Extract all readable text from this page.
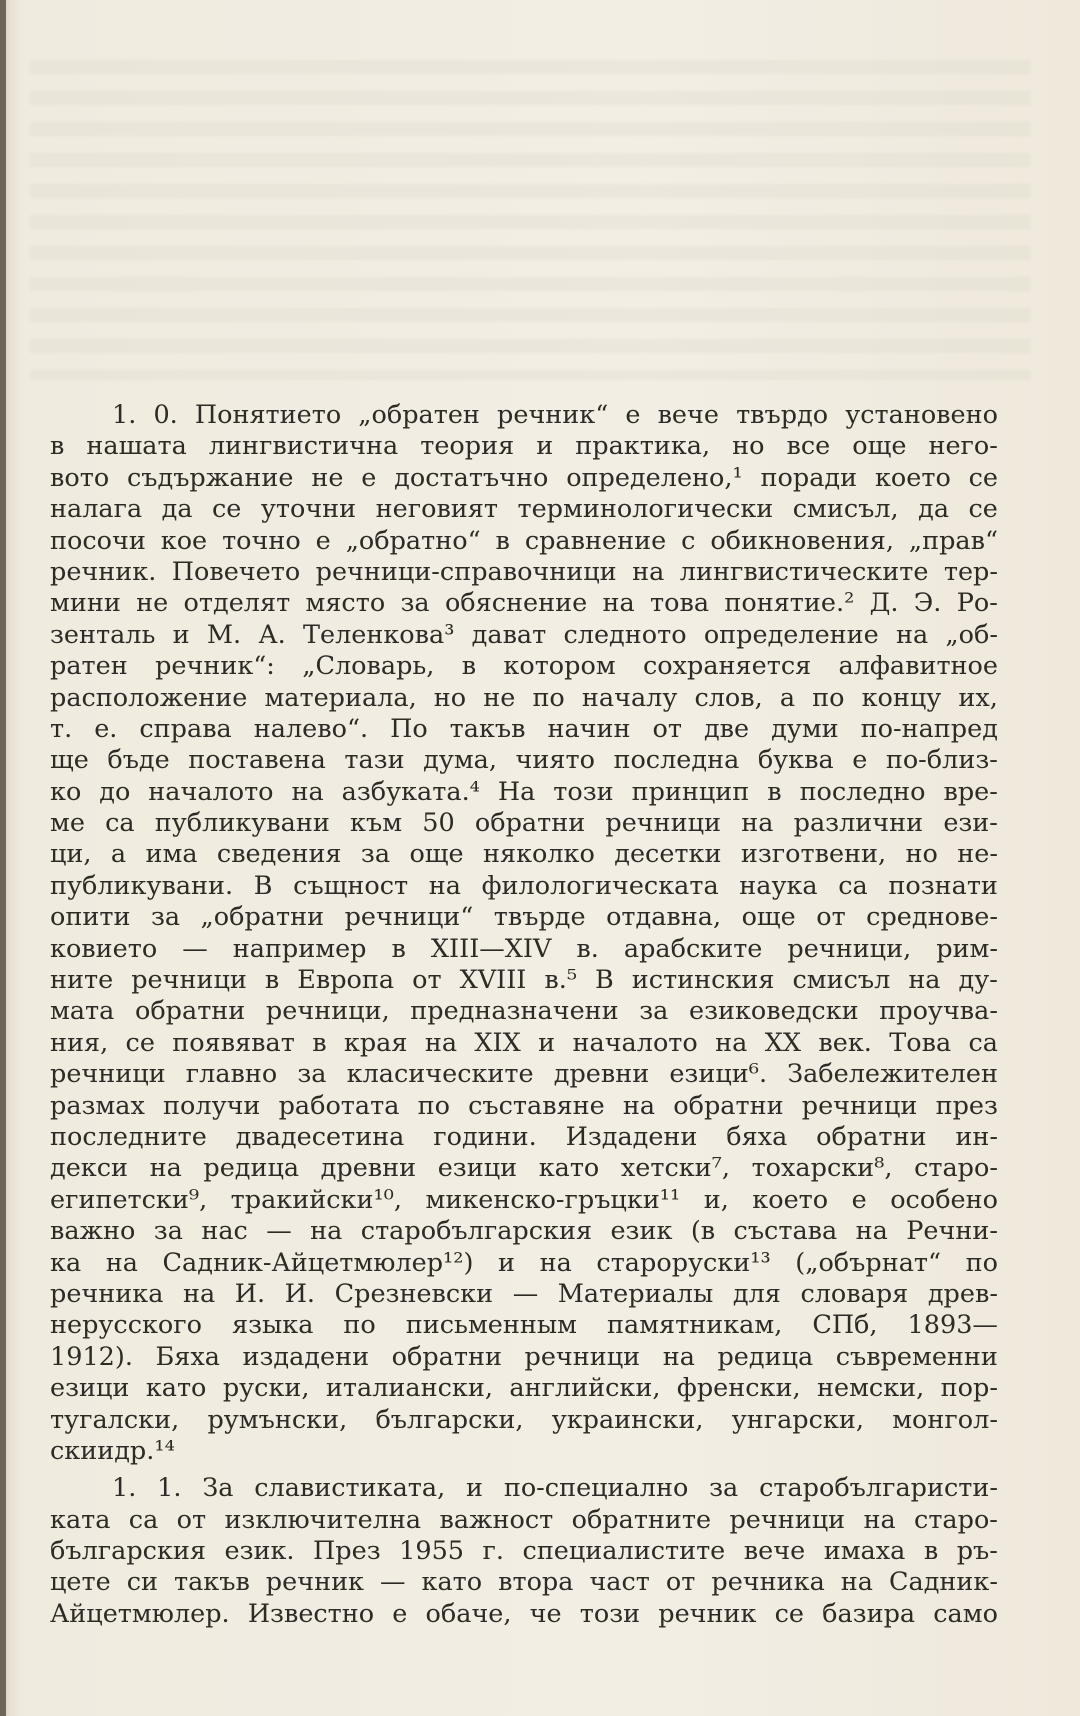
1. 0. Понятието „обратен речник“ е вече твърдо установено
в нашата лингвистична теория и практика, но все още него-
вото съдържание не е достатъчно определено,¹ поради което се
налага да се уточни неговият терминологически смисъл, да се
посочи кое точно е „обратно“ в сравнение с обикновения, „прав“
речник. Повечето речници-справочници на лингвистическите тер-
мини не отделят място за обяснение на това понятие.² Д. Э. Ро-
зенталь и М. А. Теленкова³ дават следното определение на „об-
ратен речник“: „Словарь, в котором сохраняется алфавитное
расположение материала, но не по началу слов, а по концу их,
т. е. справа налево“. По такъв начин от две думи по-напред
ще бъде поставена тази дума, чиято последна буква е по-близ-
ко до началото на азбуката.⁴ На този принцип в последно вре-
ме са публикувани към 50 обратни речници на различни ези-
ци, а има сведения за още няколко десетки изготвени, но не-
публикувани. В същност на филологическата наука са познати
опити за „обратни речници“ твърде отдавна, още от среднове-
ковието — например в XIII—XIV в. арабските речници, рим-
ните речници в Европа от XVIII в.⁵ В истинския смисъл на ду-
мата обратни речници, предназначени за езиковедски проучва-
ния, се появяват в края на XIX и началото на XX век. Това са
речници главно за класическите древни езици⁶. Забележителен
размах получи работата по съставяне на обратни речници през
последните двадесетина години. Издадени бяха обратни ин-
декси на редица древни езици като хетски⁷, тохарски⁸, старо-
египетски⁹, тракийски¹⁰, микенско-гръцки¹¹ и, което е особено
важно за нас — на старобългарския език (в състава на Речни-
ка на Садник-Айцетмюлер¹²) и на староруски¹³ („обърнат“ по
речника на И. И. Срезневски — Материалы для словаря древ-
нерусского языка по письменным памятникам, СПб, 1893—
1912). Бяха издадени обратни речници на редица съвременни
езици като руски, италиански, английски, френски, немски, пор-
тугалски, румънски, български, украински, унгарски, монгол-
ски и др.¹⁴
1. 1. За славистиката, и по-специално за старобългаристи-
ката са от изключителна важност обратните речници на старо-
българския език. През 1955 г. специалистите вече имаха в ръ-
цете си такъв речник — като втора част от речника на Садник-
Айцетмюлер. Известно е обаче, че този речник се базира само
